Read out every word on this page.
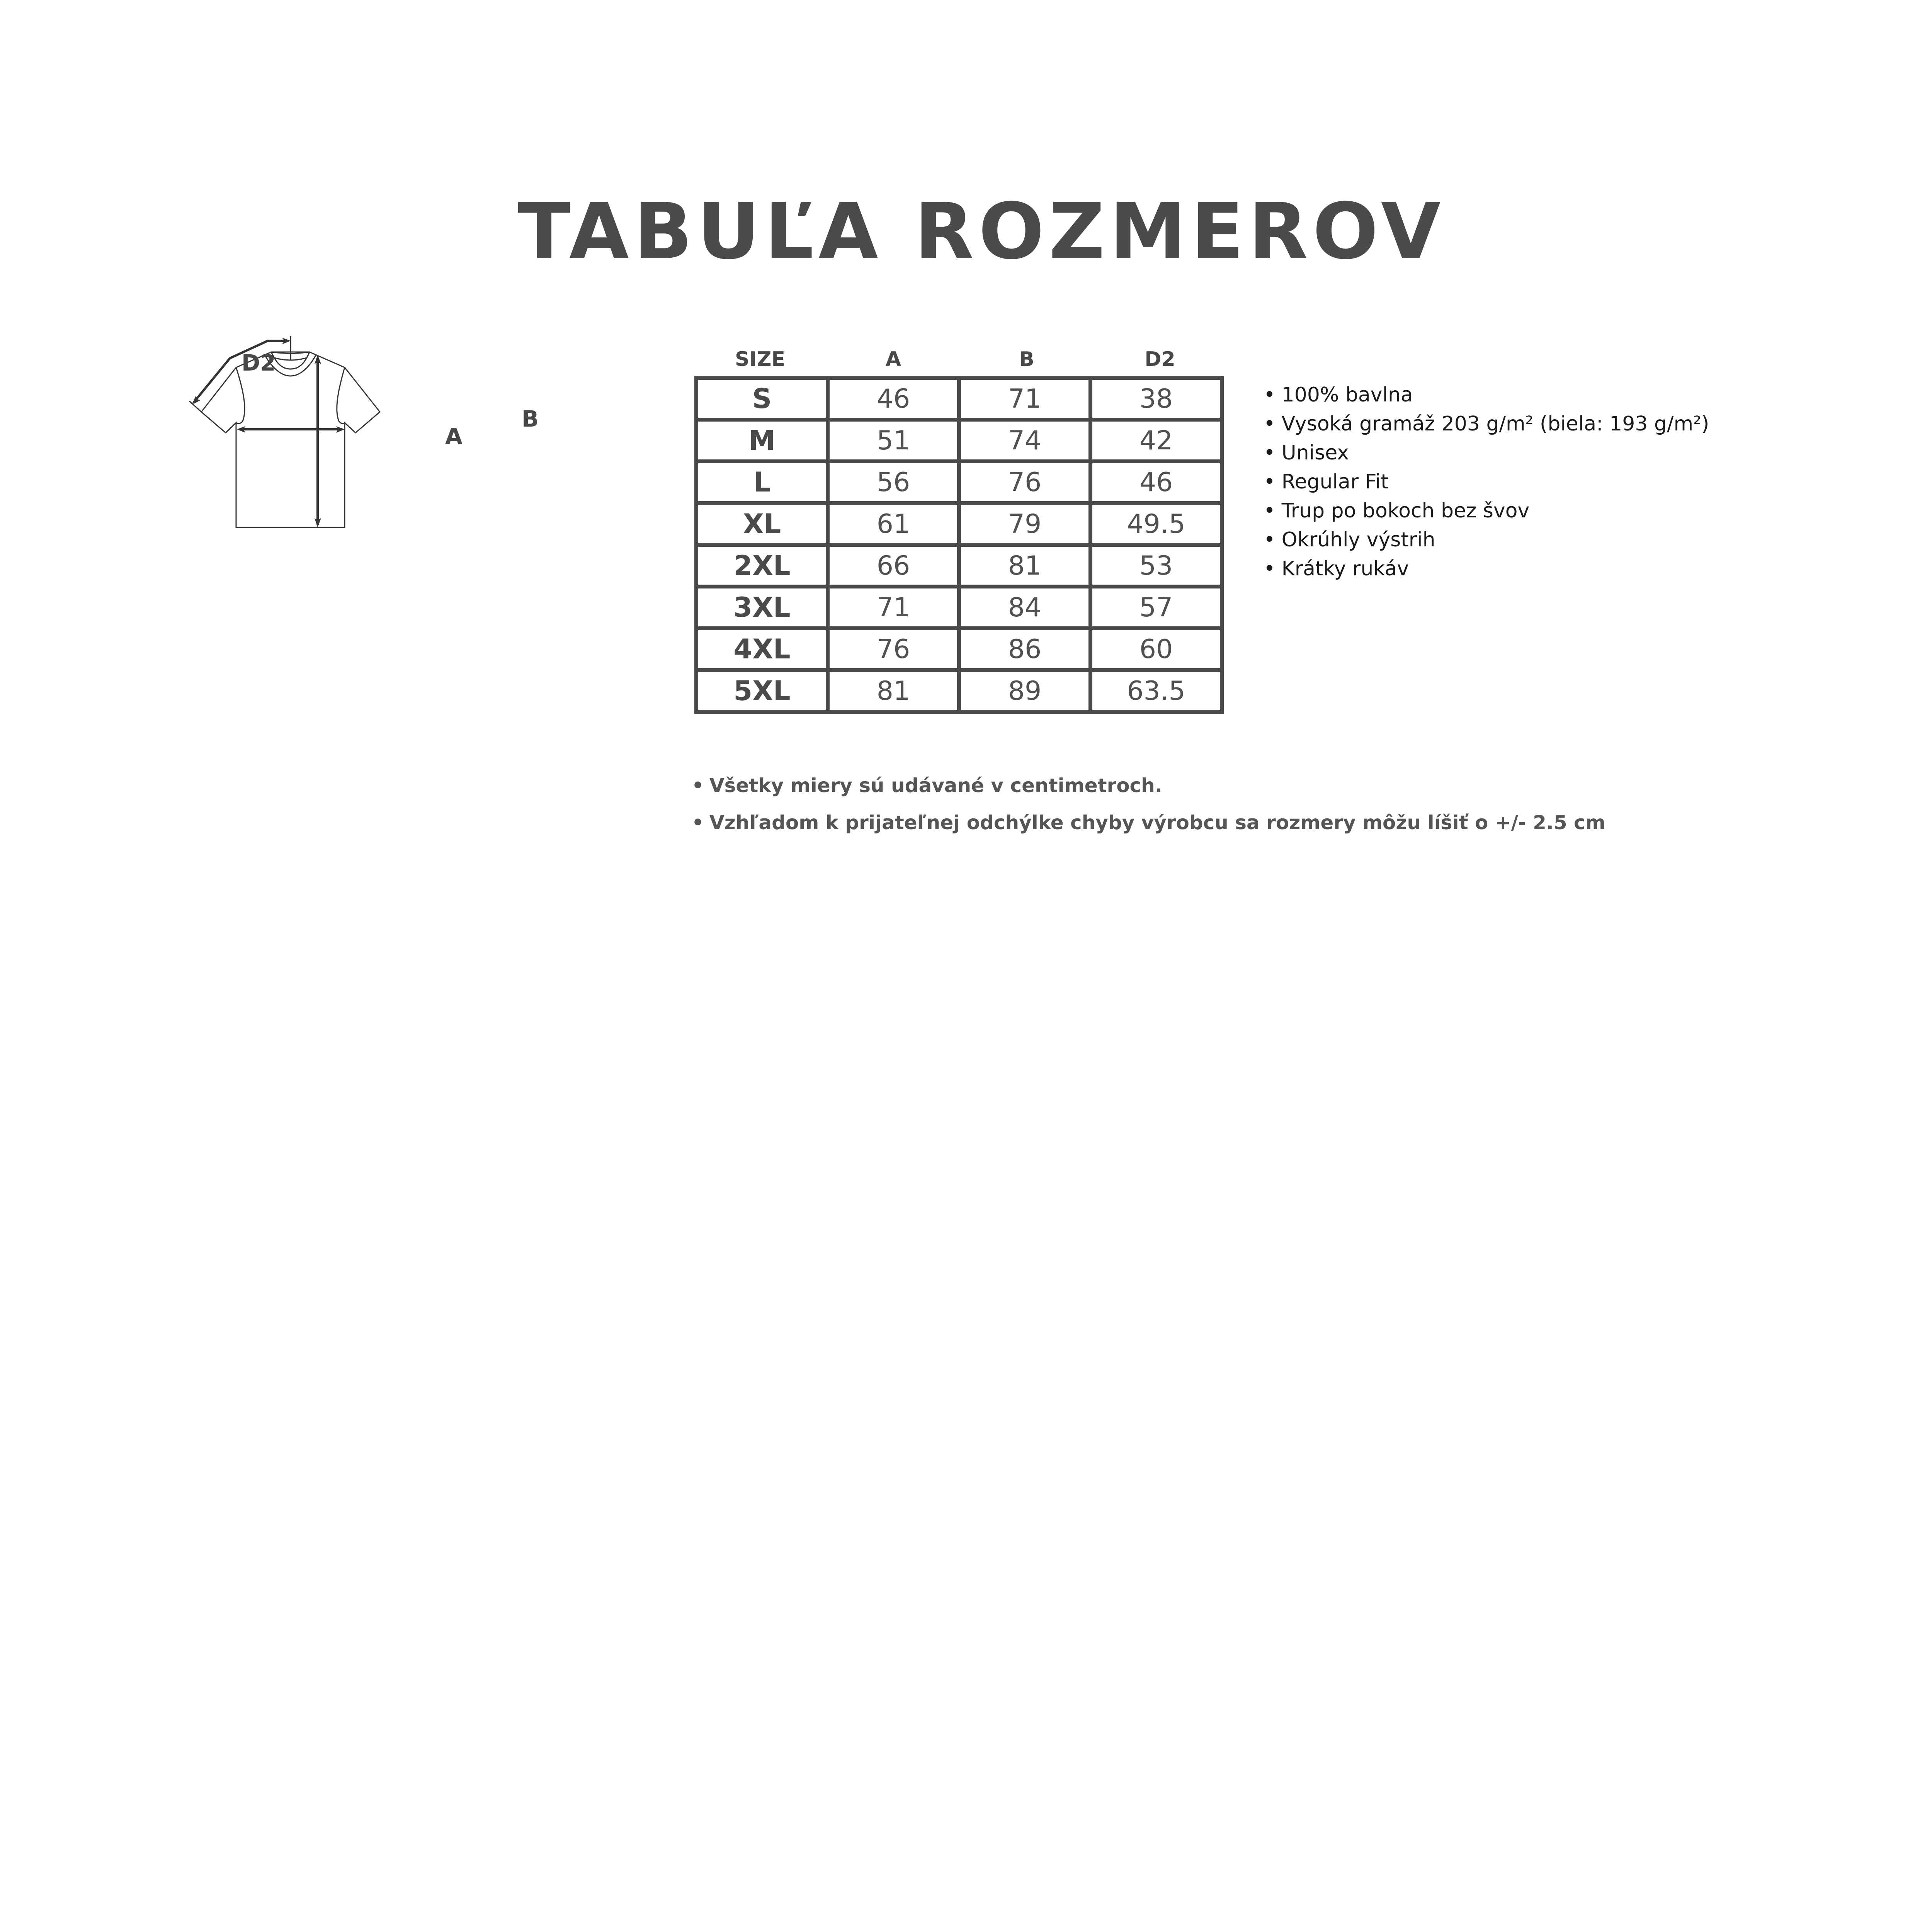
TABUĽA ROZMEROV
D2
A
B
SIZE	A	B	D2
S	46	71	38
M	51	74	42
L	56	76	46
XL	61	79	49.5
2XL	66	81	53
3XL	71	84	57
4XL	76	86	60
5XL	81	89	63.5
• 100% bavlna
• Vysoká gramáž 203 g/m² (biela: 193 g/m²)
• Unisex
• Regular Fit
• Trup po bokoch bez švov
• Okrúhly výstrih
• Krátky rukáv
• Všetky miery sú udávané v centimetroch.
• Vzhľadom k prijateľnej odchýlke chyby výrobcu sa rozmery môžu líšiť o +/- 2.5 cm
